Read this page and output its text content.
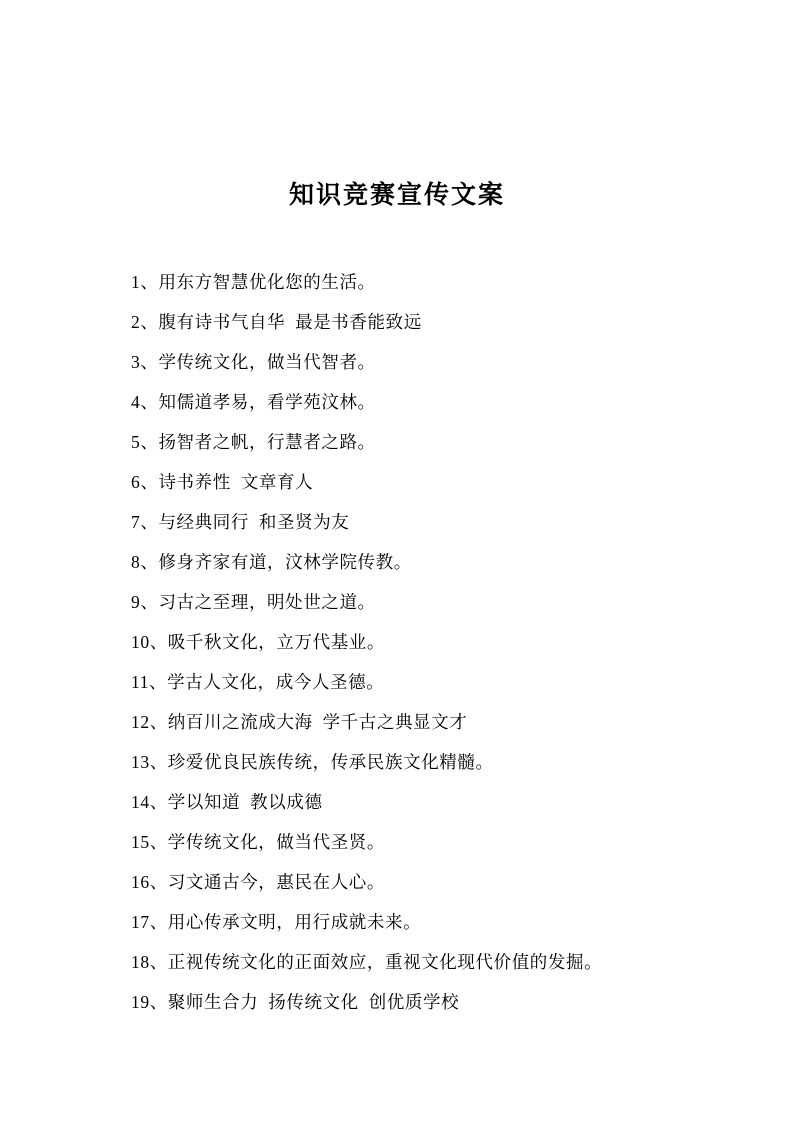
知识竞赛宣传文案
1、用东方智慧优化您的生活。
2、腹有诗书气自华  最是书香能致远
3、学传统文化，做当代智者。
4、知儒道孝易，看学苑汶林。
5、扬智者之帆，行慧者之路。
6、诗书养性  文章育人
7、与经典同行  和圣贤为友
8、修身齐家有道，汶林学院传教。
9、习古之至理，明处世之道。
10、吸千秋文化，立万代基业。
11、学古人文化，成今人圣德。
12、纳百川之流成大海  学千古之典显文才
13、珍爱优良民族传统，传承民族文化精髓。
14、学以知道  教以成德
15、学传统文化，做当代圣贤。
16、习文通古今，惠民在人心。
17、用心传承文明，用行成就未来。
18、正视传统文化的正面效应，重视文化现代价值的发掘。
19、聚师生合力  扬传统文化  创优质学校
